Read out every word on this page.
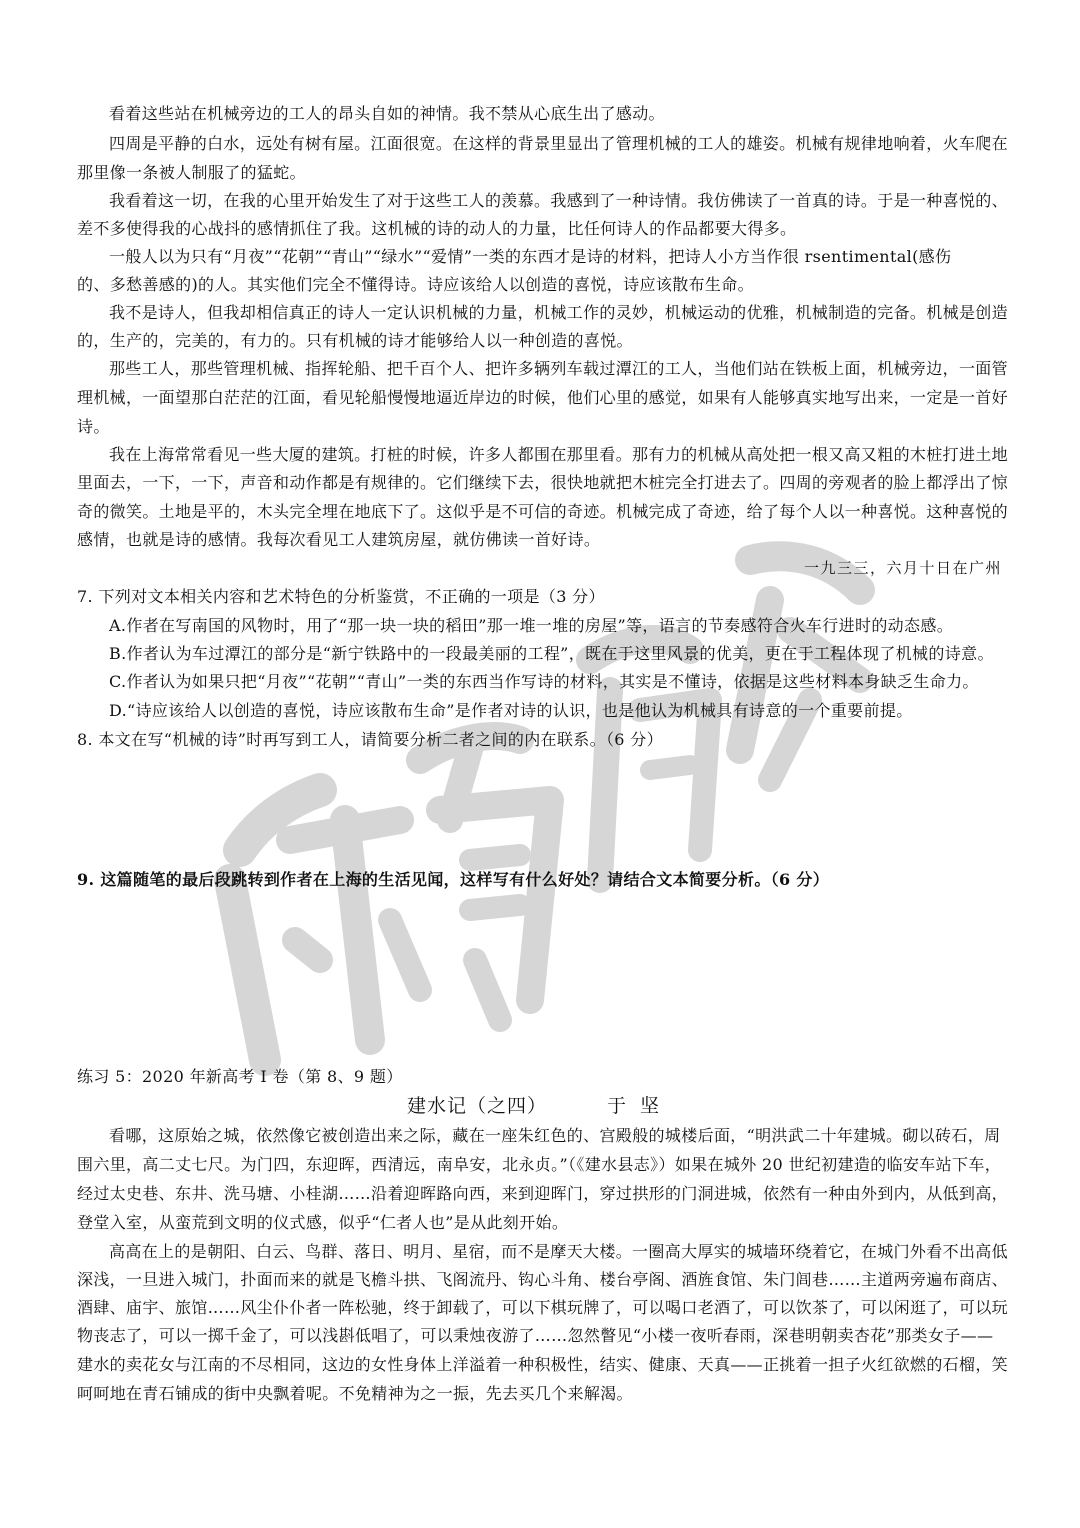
看着这些站在机械旁边的工人的昂头自如的神情。我不禁从心底生出了感动。
四周是平静的白水，远处有树有屋。江面很宽。在这样的背景里显出了管理机械的工人的雄姿。机械有规律地响着，火车爬在
那里像一条被人制服了的猛蛇。
我看着这一切，在我的心里开始发生了对于这些工人的羡慕。我感到了一种诗情。我仿佛读了一首真的诗。于是一种喜悦的、
差不多使得我的心战抖的感情抓住了我。这机械的诗的动人的力量，比任何诗人的作品都要大得多。
一般人以为只有“月夜”“花朝”“青山”“绿水”“爱情”一类的东西才是诗的材料，把诗人小方当作很 rsentimental(感伤
的、多愁善感的)的人。其实他们完全不懂得诗。诗应该给人以创造的喜悦，诗应该散布生命。
我不是诗人，但我却相信真正的诗人一定认识机械的力量，机械工作的灵妙，机械运动的优雅，机械制造的完备。机械是创造
的，生产的，完美的，有力的。只有机械的诗才能够给人以一种创造的喜悦。
那些工人，那些管理机械、指挥轮船、把千百个人、把许多辆列车载过潭江的工人，当他们站在铁板上面，机械旁边，一面管
理机械，一面望那白茫茫的江面，看见轮船慢慢地逼近岸边的时候，他们心里的感觉，如果有人能够真实地写出来，一定是一首好
诗。
我在上海常常看见一些大厦的建筑。打桩的时候，许多人都围在那里看。那有力的机械从高处把一根又高又粗的木桩打进土地
里面去，一下，一下，声音和动作都是有规律的。它们继续下去，很快地就把木桩完全打进去了。四周的旁观者的脸上都浮出了惊
奇的微笑。土地是平的，木头完全埋在地底下了。这似乎是不可信的奇迹。机械完成了奇迹，给了每个人以一种喜悦。这种喜悦的
感情，也就是诗的感情。我每次看见工人建筑房屋，就仿佛读一首好诗。
一九三三，六月十日在广州
7. 下列对文本相关内容和艺术特色的分析鉴赏，不正确的一项是（3 分）
A.作者在写南国的风物时，用了“那一块一块的稻田”那一堆一堆的房屋”等，语言的节奏感符合火车行进时的动态感。
B.作者认为车过潭江的部分是“新宁铁路中的一段最美丽的工程”，既在于这里风景的优美，更在于工程体现了机械的诗意。
C.作者认为如果只把“月夜”“花朝”“青山”一类的东西当作写诗的材料，其实是不懂诗，依据是这些材料本身缺乏生命力。
D.“诗应该给人以创造的喜悦，诗应该散布生命”是作者对诗的认识，也是他认为机械具有诗意的一个重要前提。
8. 本文在写“机械的诗”时再写到工人，请简要分析二者之间的内在联系。（6 分）
9. 这篇随笔的最后段跳转到作者在上海的生活见闻，这样写有什么好处？请结合文本简要分析。（6 分）
练习 5：2020 年新高考 I 卷（第 8、9 题）
建水记（之四）	于坚
看哪，这原始之城，依然像它被创造出来之际，藏在一座朱红色的、宫殿般的城楼后面，“明洪武二十年建城。砌以砖石，周
围六里，高二丈七尺。为门四，东迎晖，西清远，南阜安，北永贞。”（《建水县志》）如果在城外 20 世纪初建造的临安车站下车，
经过太史巷、东井、洗马塘、小桂湖……沿着迎晖路向西，来到迎晖门，穿过拱形的门洞进城，依然有一种由外到内，从低到高，
登堂入室，从蛮荒到文明的仪式感，似乎“仁者人也”是从此刻开始。
高高在上的是朝阳、白云、鸟群、落日、明月、星宿，而不是摩天大楼。一圈高大厚实的城墙环绕着它，在城门外看不出高低
深浅，一旦进入城门，扑面而来的就是飞檐斗拱、飞阁流丹、钩心斗角、楼台亭阁、酒旌食馆、朱门闾巷……主道两旁遍布商店、
酒肆、庙宇、旅馆……风尘仆仆者一阵松驰，终于卸载了，可以下棋玩牌了，可以喝口老酒了，可以饮茶了，可以闲逛了，可以玩
物丧志了，可以一掷千金了，可以浅斟低唱了，可以秉烛夜游了……忽然瞥见“小楼一夜听春雨，深巷明朝卖杏花”那类女子——
建水的卖花女与江南的不尽相同，这边的女性身体上洋溢着一种积极性，结实、健康、天真——正挑着一担子火红欲燃的石榴，笑
呵呵地在青石铺成的街中央飘着呢。不免精神为之一振，先去买几个来解渴。
